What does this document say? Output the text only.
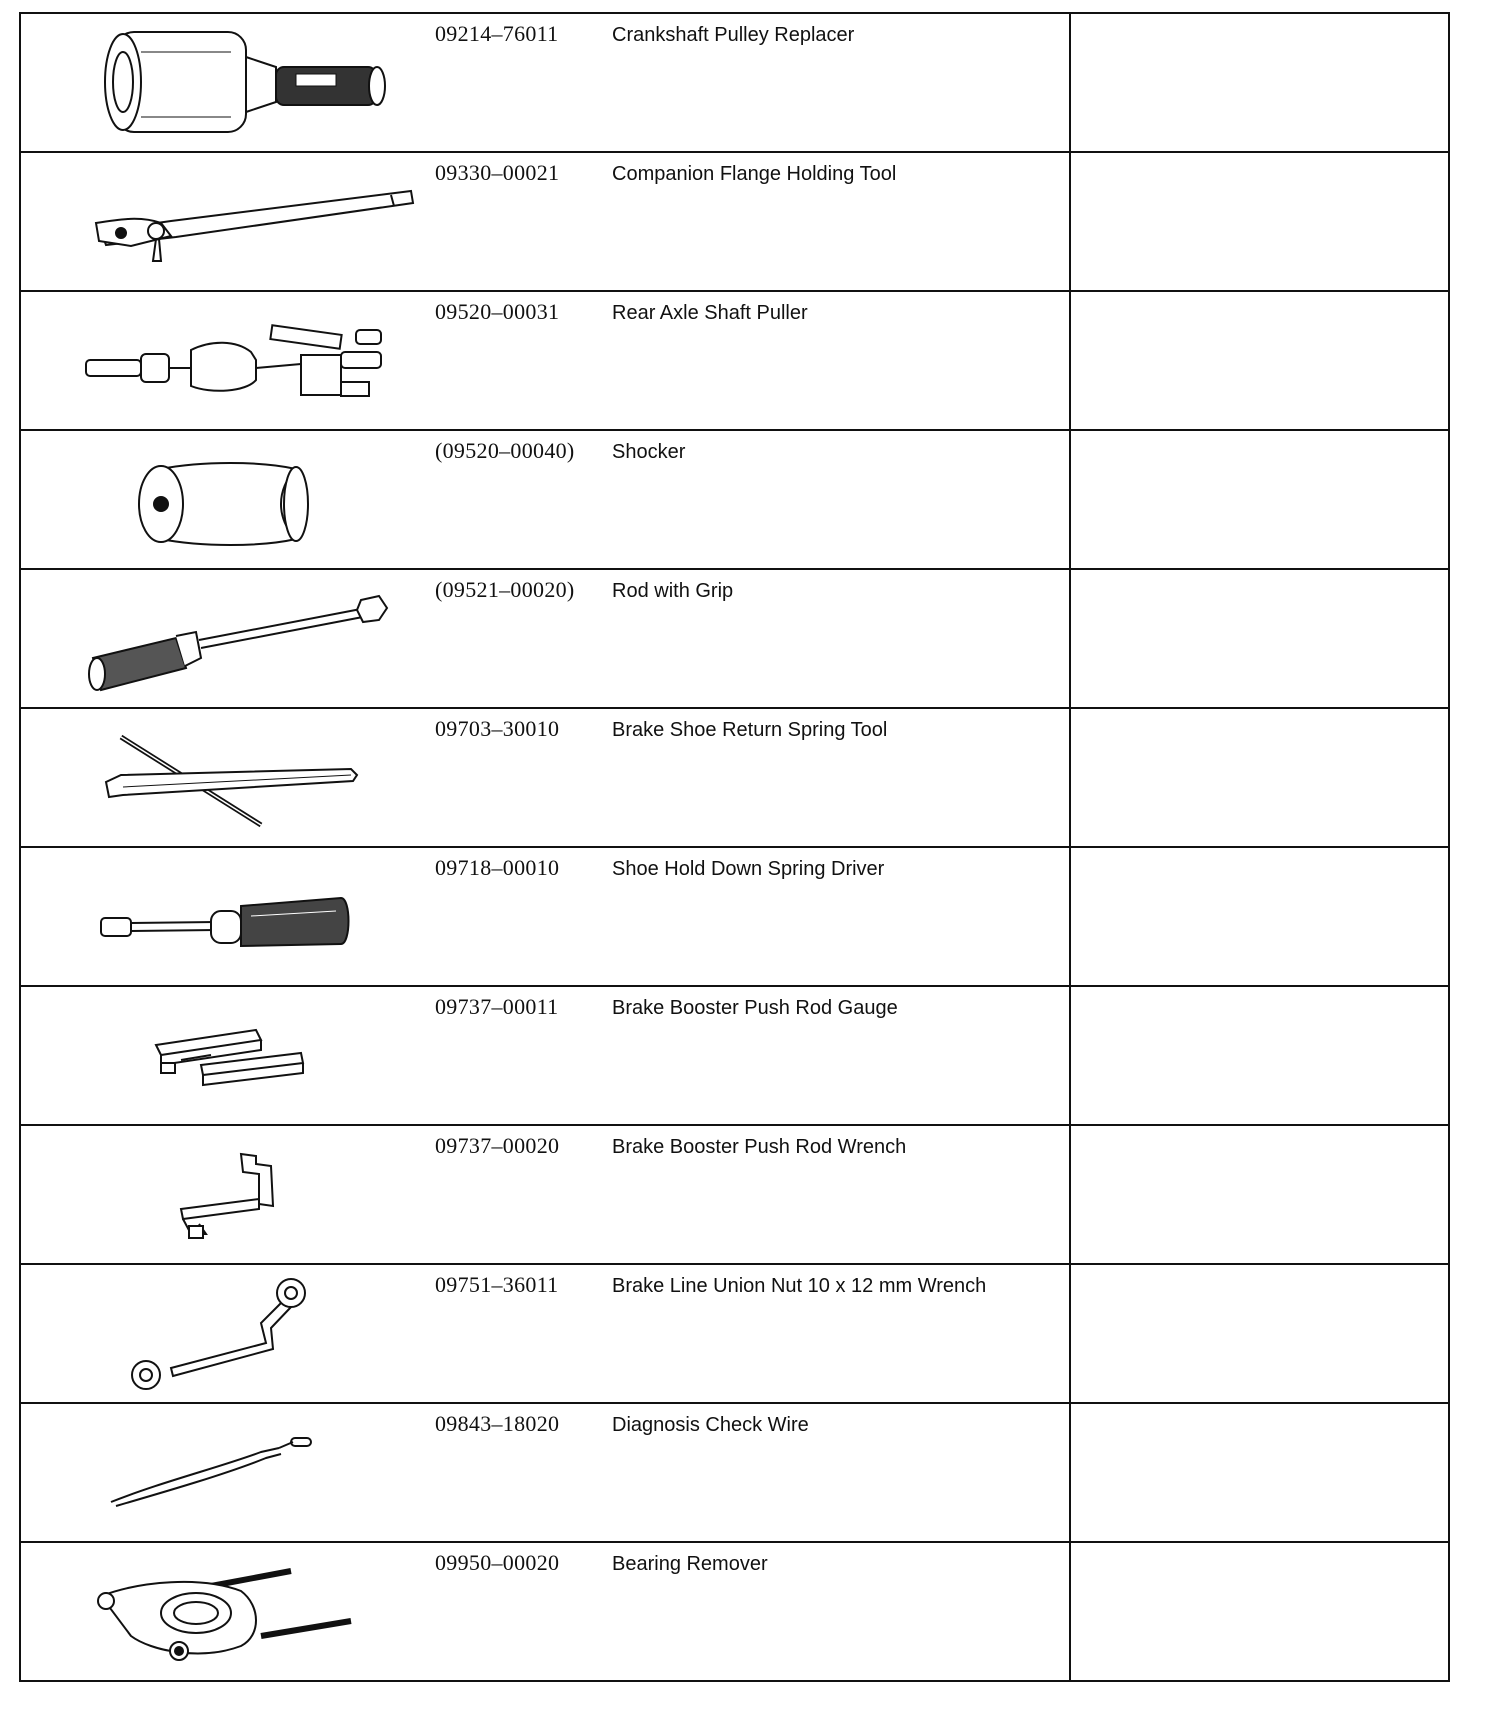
09214–76011 Crankshaft Pulley Replacer	

09330–00021 Companion Flange Holding Tool	

09520–00031 Rear Axle Shaft Puller	

(09520–00040) Shocker	

(09521–00020) Rod with Grip	

09703–30010 Brake Shoe Return Spring Tool	

09718–00010 Shoe Hold Down Spring Driver	

09737–00011 Brake Booster Push Rod Gauge	

09737–00020 Brake Booster Push Rod Wrench	

09751–36011 Brake Line Union Nut 10 x 12 mm Wrench	

09843–18020 Diagnosis Check Wire	

09950–00020 Bearing Remover	
